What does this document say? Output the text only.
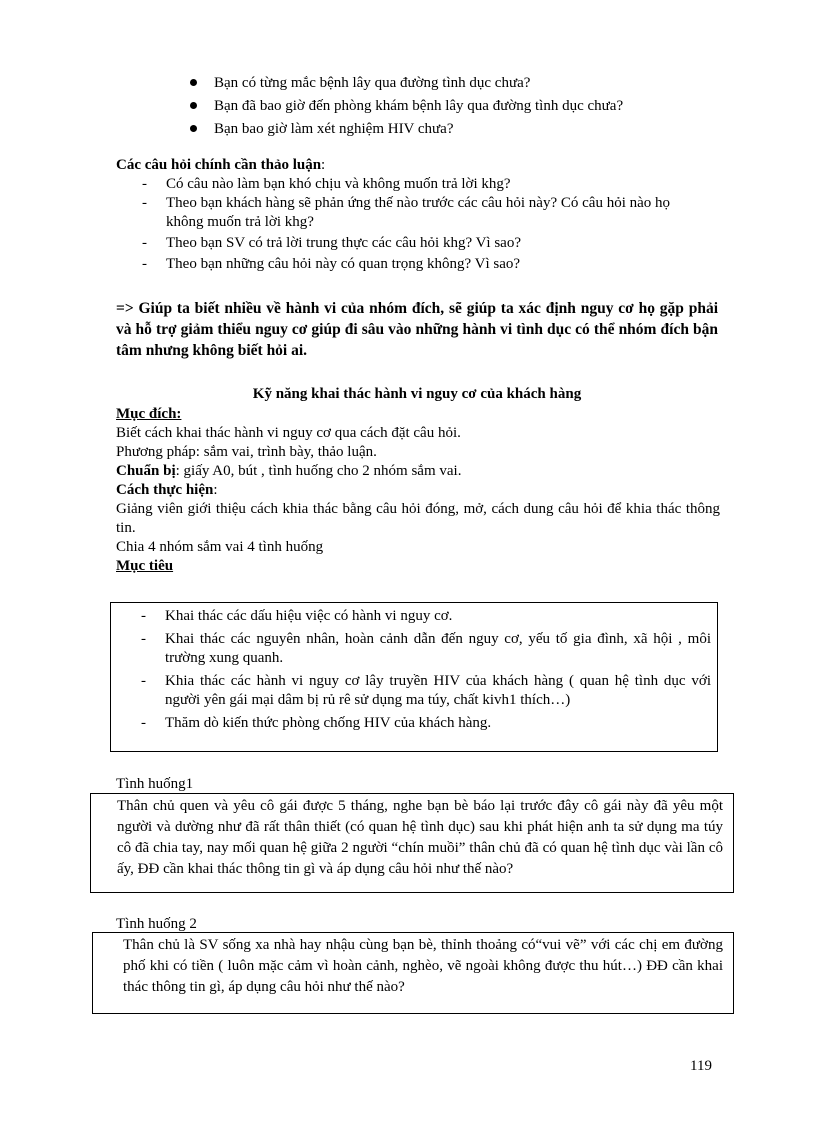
Bạn có từng mắc bệnh lây qua đường tình dục chưa?
Bạn đã bao giờ đến phòng khám bệnh lây qua đường tình dục chưa?
Bạn bao giờ làm xét nghiệm HIV chưa?
Các câu hỏi chính cần thảo luận:
- Có câu nào làm bạn khó chịu và không muốn trả lời khg?
- Theo bạn khách hàng sẽ phản ứng thế nào trước các câu hỏi này? Có câu hỏi nào họ không muốn trả lời khg?
- Theo bạn SV có trả lời trung thực các câu hỏi khg? Vì sao?
- Theo bạn những câu hỏi này có quan trọng không? Vì sao?
=> Giúp ta biết nhiều về hành vi của nhóm đích, sẽ giúp ta xác định nguy cơ họ gặp phải và hỗ trợ giảm thiểu nguy cơ giúp đi sâu vào những hành vi tình dục có thể nhóm đích bận tâm nhưng không biết hỏi ai.
Kỹ năng khai thác hành vi nguy cơ của khách hàng
Mục đích:
Biết cách khai thác hành vi nguy cơ qua cách đặt câu hỏi.
Phương pháp: sắm vai, trình bày, thảo luận.
Chuẩn bị: giấy A0, bút , tình huống cho 2 nhóm sắm vai.
Cách thực hiện:
Giảng viên giới thiệu cách khia thác bằng câu hỏi đóng, mở, cách dung câu hỏi để khia thác thông tin.
Chia 4 nhóm sắm vai 4 tình huống
Mục tiêu
- Khai thác các dấu hiệu việc có hành vi nguy cơ.
- Khai thác các nguyên nhân, hoàn cảnh dẫn đến nguy cơ, yếu tố gia đình, xã hội , môi trường xung quanh.
- Khia thác các hành vi nguy cơ lây truyền HIV của khách hàng ( quan hệ tình dục với người yên gái mại dâm bị rủ rê sử dụng ma túy, chất kivh1 thích…)
- Thăm dò kiến thức phòng chống HIV của khách hàng.
Tình huống1
Thân chủ quen và yêu cô gái được 5 tháng, nghe bạn bè báo lại trước đây cô gái này đã yêu một người và dường như đã rất thân thiết (có quan hệ tình dục) sau khi phát hiện anh ta sử dụng ma túy cô đã chia tay, nay mối quan hệ giữa 2 người “chín muồi” thân chủ đã có quan hệ tình dục vài lần cô ấy, ĐĐ cần khai thác thông tin gì và áp dụng câu hỏi như thế nào?
Tình huống 2
Thân chủ là SV sống xa nhà hay nhậu cùng bạn bè, thỉnh thoảng có“vui vẽ” với các chị em đường phố khi có tiền ( luôn mặc cảm vì hoàn cảnh, nghèo, vẽ ngoài không được thu hút…) ĐĐ cần khai thác thông tin gì, áp dụng câu hỏi như thế nào?
119
